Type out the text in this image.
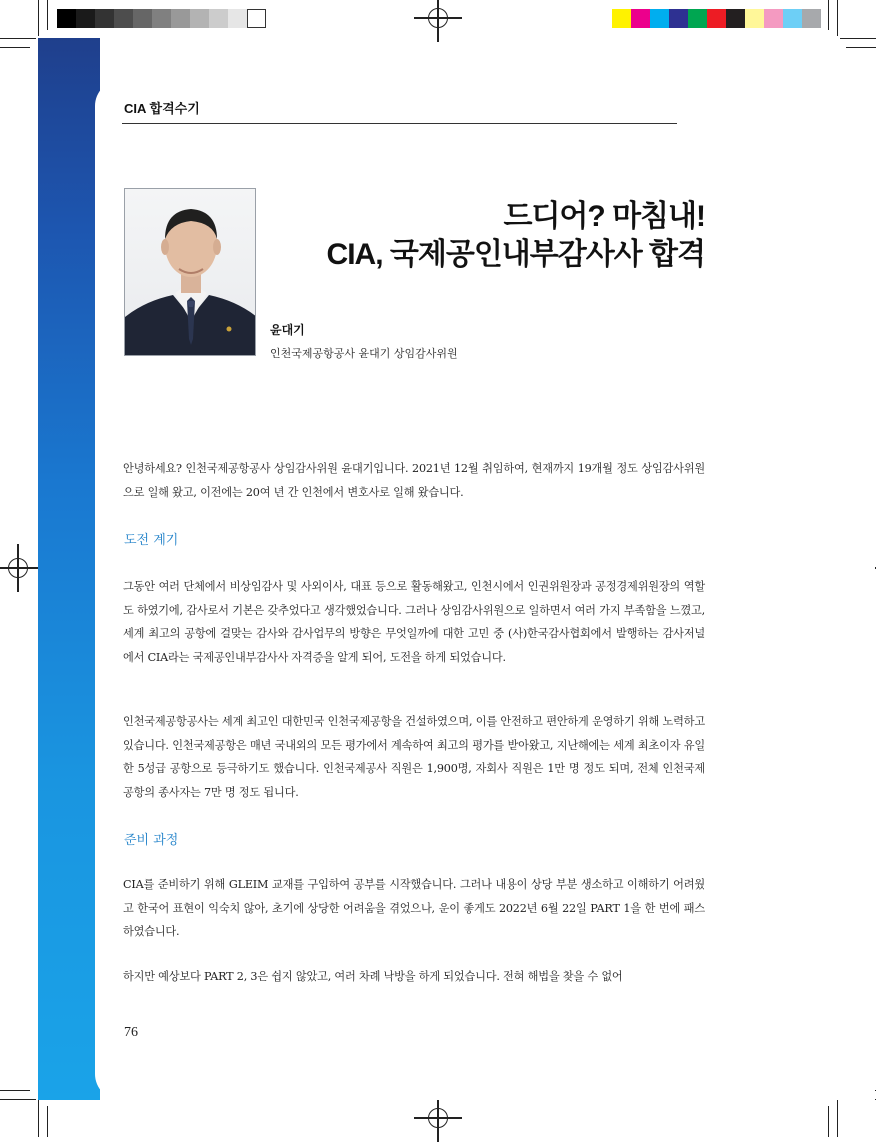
CIA 합격수기
드디어? 마침내!
CIA, 국제공인내부감사사 합격
윤대기
인천국제공항공사 윤대기 상임감사위원

안녕하세요? 인천국제공항공사 상임감사위원 윤대기입니다. 2021년 12월 취임하여, 현재까지 19개월 정도 상임감사위원으로 일해 왔고, 이전에는 20여 년 간 인천에서 변호사로 일해 왔습니다.

도전 계기

그동안 여러 단체에서 비상임감사 및 사외이사, 대표 등으로 활동해왔고, 인천시에서 인권위원장과 공정경제위원장의 역할도 하였기에, 감사로서 기본은 갖추었다고 생각했었습니다. 그러나 상임감사위원으로 일하면서 여러 가지 부족함을 느꼈고, 세계 최고의 공항에 걸맞는 감사와 감사업무의 방향은 무엇일까에 대한 고민 중 (사)한국감사협회에서 발행하는 감사저널에서 CIA라는 국제공인내부감사사 자격증을 알게 되어, 도전을 하게 되었습니다.

인천국제공항공사는 세계 최고인 대한민국 인천국제공항을 건설하였으며, 이를 안전하고 편안하게 운영하기 위해 노력하고 있습니다. 인천국제공항은 매년 국내외의 모든 평가에서 계속하여 최고의 평가를 받아왔고, 지난해에는 세계 최초이자 유일한 5성급 공항으로 등극하기도 했습니다. 인천국제공사 직원은 1,900명, 자회사 직원은 1만 명 정도 되며, 전체 인천국제공항의 종사자는 7만 명 정도 됩니다.

준비 과정

CIA를 준비하기 위해 GLEIM 교재를 구입하여 공부를 시작했습니다. 그러나 내용이 상당 부분 생소하고 이해하기 어려웠고 한국어 표현이 익숙치 않아, 초기에 상당한 어려움을 겪었으나, 운이 좋게도 2022년 6월 22일 PART 1을 한 번에 패스하였습니다.

하지만 예상보다 PART 2, 3은 쉽지 않았고, 여러 차례 낙방을 하게 되었습니다. 전혀 해법을 찾을 수 없어

76
